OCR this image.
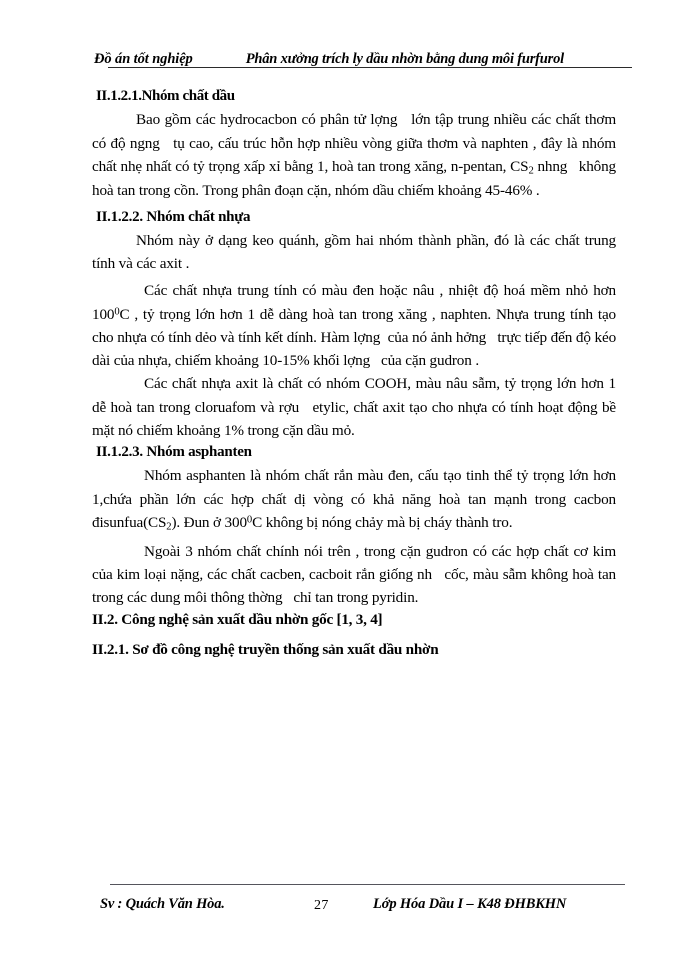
Đồ án tốt nghiệp	Phân xưởng trích ly dầu nhờn bằng dung môi furfurol
II.1.2.1.Nhóm chất dầu

Bao gồm các hydrocacbon có phân tử lợng lớn tập trung nhiều các chất thơm có độ ngng tụ cao, cấu trúc hỗn hợp nhiều vòng giữa thơm và naphten , đây là nhóm chất nhẹ nhất có tỷ trọng xấp xỉ bằng 1, hoà tan trong xăng, n-pentan, $CS_2$ nhng không hoà tan trong cồn. Trong phân đoạn cặn, nhóm dầu chiếm khoảng 45-46% .

II.1.2.2. Nhóm chất nhựa

Nhóm này ở dạng keo quánh, gồm hai nhóm thành phần, đó là các chất trung tính và các axit .

Các chất nhựa trung tính có màu đen hoặc nâu , nhiệt độ hoá mềm nhỏ hơn $100^0C$ , tỷ trọng lớn hơn 1 dễ dàng hoà tan trong xăng , naphten. Nhựa trung tính tạo cho nhựa có tính dẻo và tính kết dính. Hàm lợng của nó ảnh hởng trực tiếp đến độ kéo dài của nhựa, chiếm khoảng 10-15% khối lợng của cặn gudron .

Các chất nhựa axit là chất có nhóm COOH, màu nâu sẫm, tỷ trọng lớn hơn 1 dễ hoà tan trong cloruafom và rợu etylic, chất axit tạo cho nhựa có tính hoạt động bề mặt nó chiếm khoảng 1% trong cặn dầu mỏ.

II.1.2.3. Nhóm asphanten

Nhóm asphanten là nhóm chất rắn màu đen, cấu tạo tinh thể tỷ trọng lớn hơn 1,chứa phần lớn các hợp chất dị vòng có khả năng hoà tan mạnh trong cacbon $đisunfua(CS_2)$. Đun ở $300^0C$ không bị nóng chảy mà bị cháy thành tro.

Ngoài 3 nhóm chất chính nói trên , trong cặn gudron có các hợp chất cơ kim của kim loại nặng, các chất cacben, cacboit rắn giống nh cốc, màu sẫm không hoà tan trong các dung môi thông thờng chỉ tan trong pyridin.

II.2. Công nghệ sản xuất dầu nhờn gốc [1, 3, 4]
II.2.1. Sơ đồ công nghệ truyền thống sản xuất dầu nhờn
Sv : Quách Văn Hòa.	27	Lớp Hóa Dầu I – K48 ĐHBKHN
